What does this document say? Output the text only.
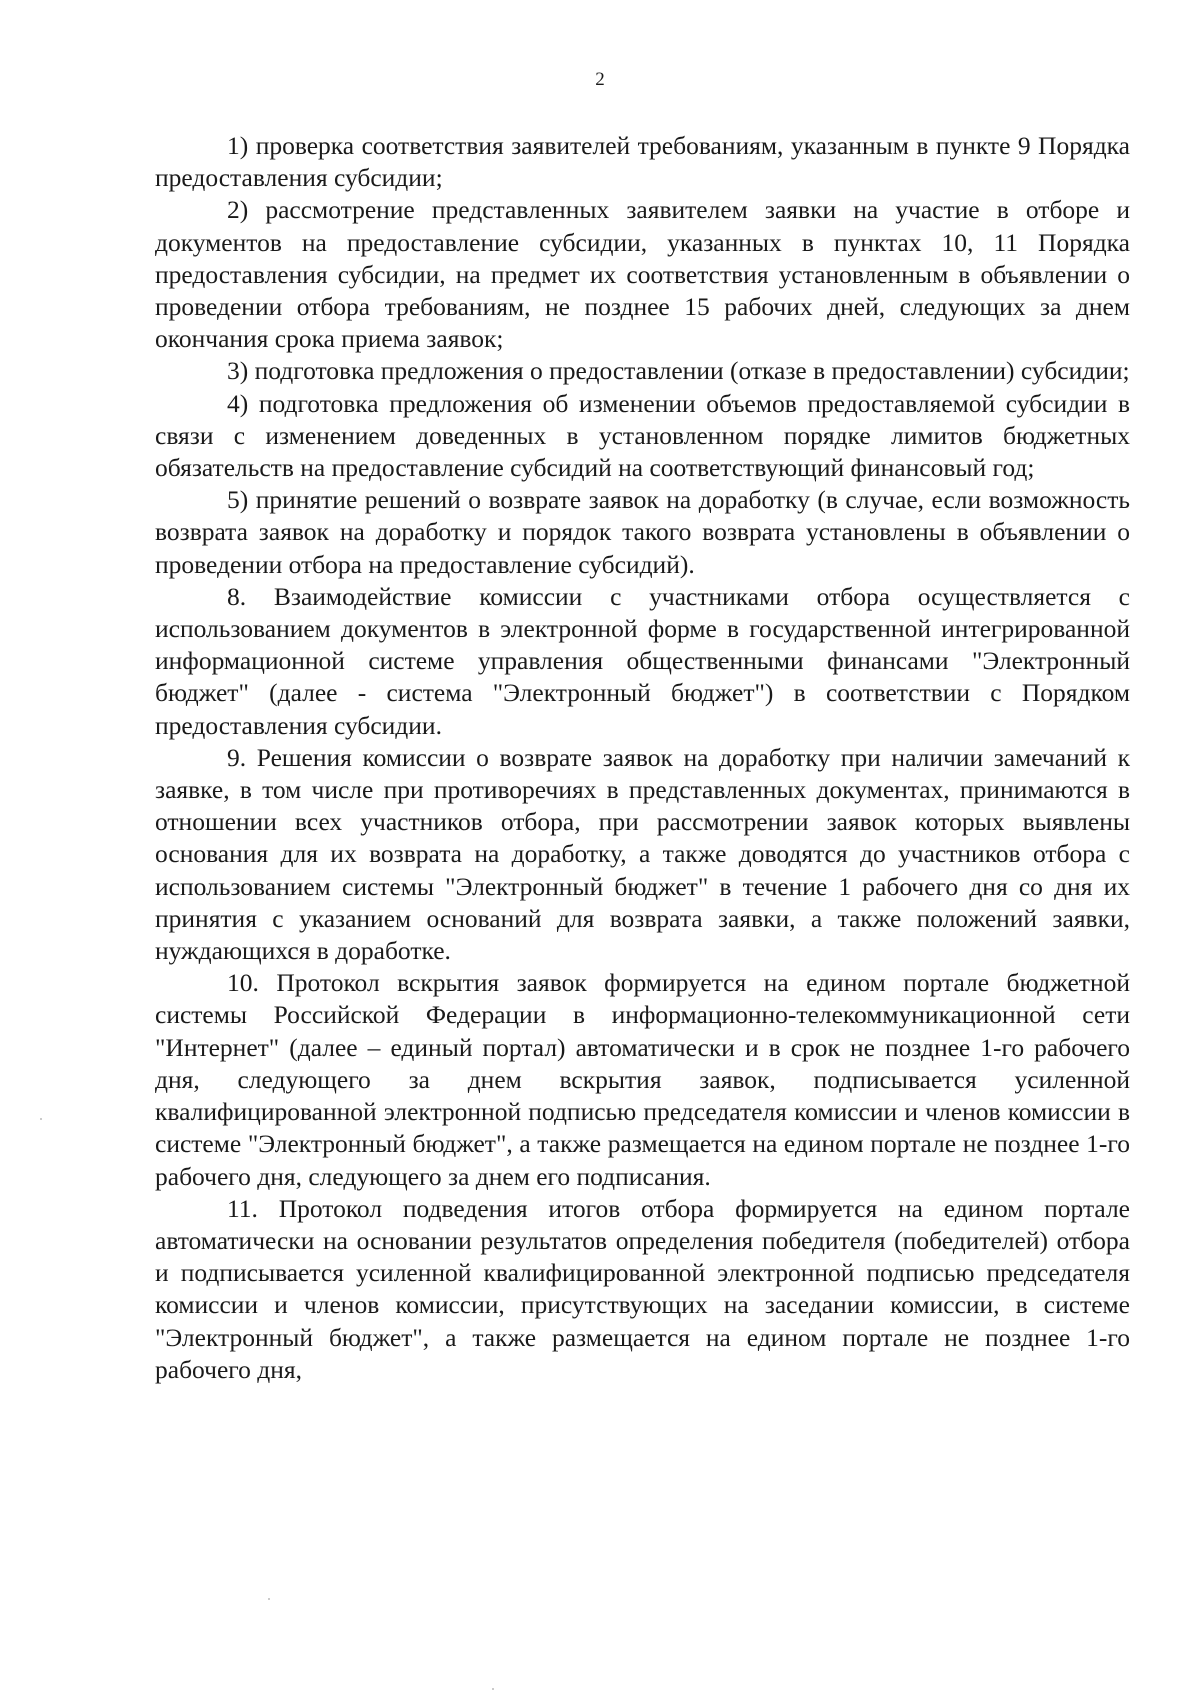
2

1) проверка соответствия заявителей требованиям, указанным в пункте 9 Порядка предоставления субсидии;

2) рассмотрение представленных заявителем заявки на участие в отборе и документов на предоставление субсидии, указанных в пунктах 10, 11 Порядка предоставления субсидии, на предмет их соответствия установленным в объявлении о проведении отбора требованиям, не позднее 15 рабочих дней, следующих за днем окончания срока приема заявок;

3) подготовка предложения о предоставлении (отказе в предоставлении) субсидии;

4) подготовка предложения об изменении объемов предоставляемой субсидии в связи с изменением доведенных в установленном порядке лимитов бюджетных обязательств на предоставление субсидий на соответствующий финансовый год;

5) принятие решений о возврате заявок на доработку (в случае, если возможность возврата заявок на доработку и порядок такого возврата установлены в объявлении о проведении отбора на предоставление субсидий).

8. Взаимодействие комиссии с участниками отбора осуществляется с использованием документов в электронной форме в государственной интегрированной информационной системе управления общественными финансами "Электронный бюджет" (далее - система "Электронный бюджет") в соответствии с Порядком предоставления субсидии.

9. Решения комиссии о возврате заявок на доработку при наличии замечаний к заявке, в том числе при противоречиях в представленных документах, принимаются в отношении всех участников отбора, при рассмотрении заявок которых выявлены основания для их возврата на доработку, а также доводятся до участников отбора с использованием системы "Электронный бюджет" в течение 1 рабочего дня со дня их принятия с указанием оснований для возврата заявки, а также положений заявки, нуждающихся в доработке.

10. Протокол вскрытия заявок формируется на едином портале бюджетной системы Российской Федерации в информационно-телекоммуникационной сети "Интернет" (далее – единый портал) автоматически и в срок не позднее 1-го рабочего дня, следующего за днем вскрытия заявок, подписывается усиленной квалифицированной электронной подписью председателя комиссии и членов комиссии в системе "Электронный бюджет", а также размещается на едином портале не позднее 1-го рабочего дня, следующего за днем его подписания.

11. Протокол подведения итогов отбора формируется на едином портале автоматически на основании результатов определения победителя (победителей) отбора и подписывается усиленной квалифицированной электронной подписью председателя комиссии и членов комиссии, присутствующих на заседании комиссии, в системе "Электронный бюджет", а также размещается на едином портале не позднее 1-го рабочего дня,
